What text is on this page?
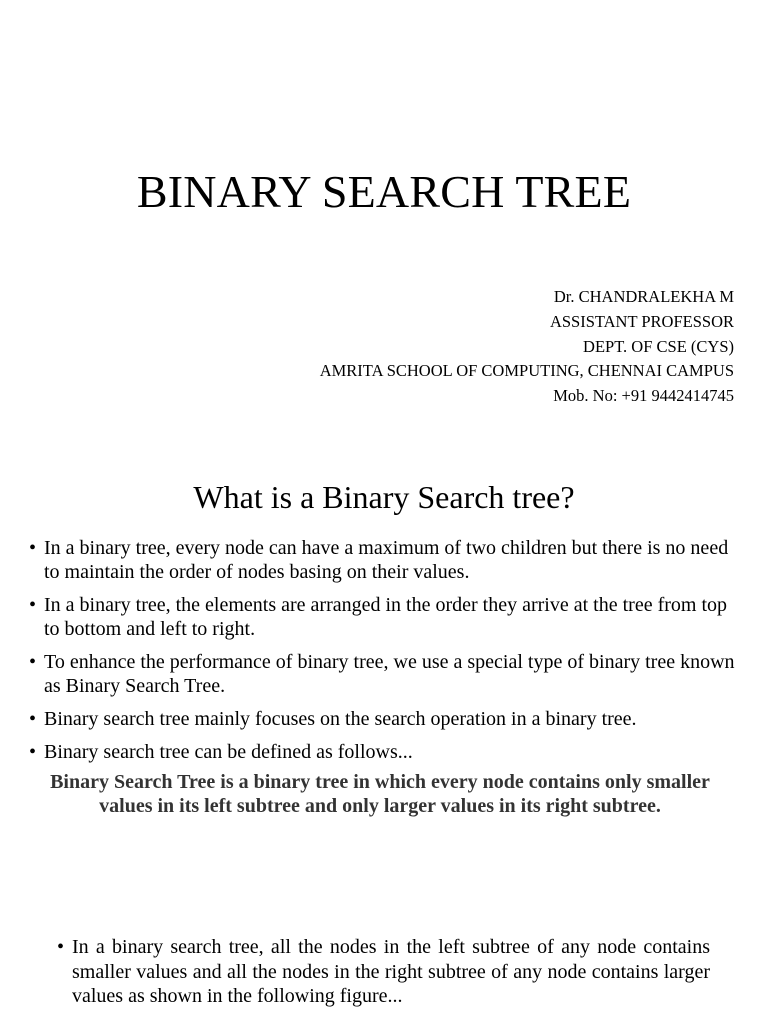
BINARY SEARCH TREE
Dr. CHANDRALEKHA M
ASSISTANT PROFESSOR
DEPT. OF CSE (CYS)
AMRITA SCHOOL OF COMPUTING, CHENNAI CAMPUS
Mob. No: +91 9442414745
What is a Binary Search tree?
• In a binary tree, every node can have a maximum of two children but there is no need to maintain the order of nodes basing on their values.
• In a binary tree, the elements are arranged in the order they arrive at the tree from top to bottom and left to right.
• To enhance the performance of binary tree, we use a special type of binary tree known as Binary Search Tree.
• Binary search tree mainly focuses on the search operation in a binary tree.
• Binary search tree can be defined as follows...
Binary Search Tree is a binary tree in which every node contains only smaller values in its left subtree and only larger values in its right subtree.
• In a binary search tree, all the nodes in the left subtree of any node contains smaller values and all the nodes in the right subtree of any node contains larger values as shown in the following figure...
